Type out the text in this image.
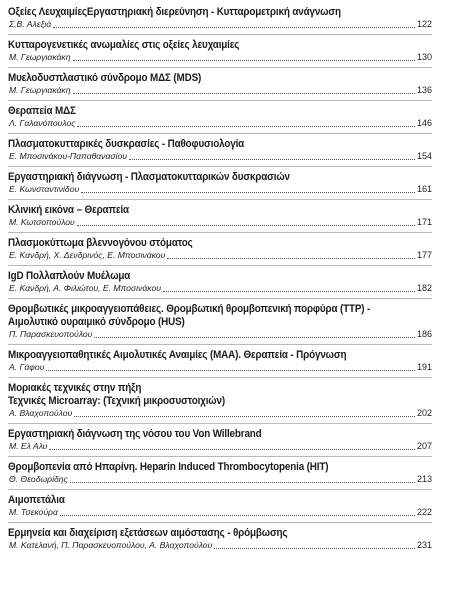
Οξείες ΛευχαιμίεςΕργαστηριακή διερεύνηση - Κυτταρομετρική ανάγνωση
Σ.Β. Αλεξιά	122
Κυτταρογενετικές ανωμαλίες στις οξείες λευχαιμίες
Μ. Γεωργιακάκη	130
Μυελοδυσπλαστικό σύνδρομο ΜΔΣ (MDS)
Μ. Γεωργιακάκη	136
Θεραπεία ΜΔΣ
Λ. Γαλανόπουλος	146
Πλασματοκυτταρικές δυσκρασίες - Παθοφυσιολογία
Ε. Μποσινάκου-Παπαθανασίου	154
Εργαστηριακή διάγνωση - Πλασματοκυτταρικών δυσκρασιών
Ε. Κωνσταντινίδου	161
Κλινική εικόνα – Θεραπεία
Μ. Κωτσοπούλου	171
Πλασμοκύττωμα βλεννογόνου στόματος
Ε. Κανδρή, Χ. Δενδρινός, Ε. Μποσινάκου	177
IgD Πολλαπλούν Μυέλωμα
Ε. Κανδρή, Α. Φιλιώτου, Ε. Μποσινάκου	182
Θρομβωτικές μικροαγγειοπάθειες. Θρομβωτική θρομβοπενική πορφύρα (TTP) -
Αιμολυτικό ουραιμικό σύνδρομο (HUS)
Π. Παρασκευοπούλου	186
Μικροαγγειοπαθητικές Αιμολυτικές Αναιμίες (ΜΑΑ). Θεραπεία - Πρόγνωση
Α. Γάφου	191
Μοριακές τεχνικές στην πήξη
Τεχνικές Microarray: (Τεχνική μικροσυστοιχιών)
Α. Βλαχοπούλου	202
Εργαστηριακή διάγνωση της νόσου του Von Willebrand
Μ. Ελ Αλυ	207
Θρομβοπενία από Ηπαρίνη. Heparin Induced Thrombocytopenia (HIT)
Θ. Θεοδωρίδης	213
Αιμοπετάλια
Μ. Τσεκούρα	222
Ερμηνεία και διαχείριση εξετάσεων αιμόστασης - θρόμβωσης
Μ. Κατελανή, Π. Παρασκευοπούλου, Α. Βλαχοπούλου	231
